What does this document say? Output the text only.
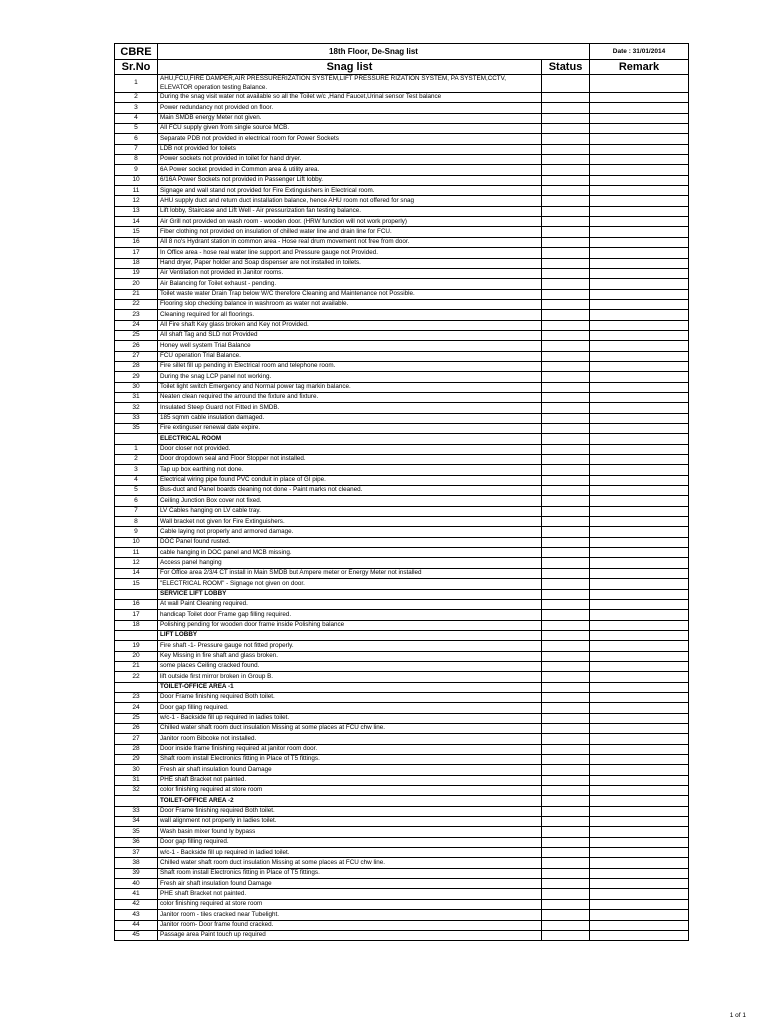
CBRE	18th Floor, De-Snag list		Date : 31/01/2014
Sr.No	Snag list	Status	Remark
1	AHU,FCU,FIRE DAMPER,AIR PRESSURERIZATION SYSTEM,LIFT PRESSURE RIZATION SYSTEM, PA SYSTEM,CCTV, ELEVATOR operation testing Balance.		
2	During the snag visit water not available so all the Toilet w/c ,Hand Faucet,Urinal sensor Test balance		
3	Power redundancy not provided on floor.		
4	Main SMDB energy Meter not given.		
5	All FCU supply given from single source MCB.		
6	Separate PDB not provided in electrical room for Power Sockets		
7	LDB not provided for toilets		
8	Power sockets not provided in toilet for hand dryer.		
9	6A Power socket provided in Common area & utility area.		
10	6/16A Power Sockets not provided in Passenger Lift lobby.		
11	Signage and wall stand not provided for Fire Extinguishers in Electrical room.		
12	AHU supply duct and return duct installation balance, hence AHU room not offered for snag		
13	Lift lobby, Staircase and Lift Well - Air pressurization fan testing balance.		
14	Air Grill not provided on wash room - wooden door. (HRW function will not work properly)		
15	Fiber clothing not provided on insulation of chilled water line and drain line for FCU.		
16	All 8 no's Hydrant station in common area - Hose real drum movement not free from door.		
17	In Office area - hose real water line support and Pressure gauge not Provided.		
18	Hand dryer, Paper holder and Soap dispenser are not installed in toilets.		
19	Air Ventilation not provided in Janitor rooms.		
20	Air Balancing for Toilet exhaust - pending.		
21	Toilet waste water Drain Trap below W/C therefore Cleaning and Maintenance not Possible.		
22	Flooring slop checking balance in washroom as water not available.		
23	Cleaning required for all floorings.		
24	All Fire shaft Key glass broken and Key not Provided.		
25	All shaft Tag and SLD not Provided		
26	Honey well system Trial Balance		
27	FCU operation Trial Balance.		
28	Fire sillet fill up pending in Electrical room and telephone room.		
29	During the snag LCP panel not working.		
30	Toilet light switch Emergency and Normal power tag markin balance.		
31	Neaten clean required the arround the fixture and fixture.		
32	Insulated Steep Guard not Fitted in SMDB.		
33	185 sqmm cable insulation damaged.		
35	Fire extinguser renewal date expire.		
	ELECTRICAL ROOM		
1	Door closer not provided.		
2	Door dropdown seal and Floor Stopper not installed.		
3	Tap up box earthing not done.		
4	Electrical wiring pipe found PVC conduit in place of GI pipe.		
5	Bus-duct and Panel boards cleaning not done - Paint marks not cleaned.		
6	Ceiling Junction Box cover not fixed.		
7	LV Cables hanging on LV cable tray.		
8	Wall bracket not given for Fire Extinguishers.		
9	Cable laying not properly and armored damage.		
10	DOC Panel found rusted.		
11	cable hanging in DOC panel and MCB missing.		
12	Access panel hanging		
14	For Office area 2/3/4 CT install in Main SMDB but Ampere meter or Energy Meter not installed		
15	"ELECTRICAL ROOM" - Signage not given on door.		
	SERVICE LIFT LOBBY		
16	At wall Paint Cleaning required.		
17	handicap Toilet door Frame gap filling required.		
18	Polishing pending for wooden door frame inside Polishing balance		
	LIFT LOBBY		
19	Fire shaft -1- Pressure gauge not fitted properly.		
20	Key Missing in fire shaft and glass broken.		
21	some places Ceiling cracked found.		
22	lift outside first mirror broken in Group B.		
	TOILET-OFFICE AREA -1		
23	Door Frame finishing required Both toilet.		
24	Door gap filling required.		
25	w/c-1 - Backside fill up required in ladies toilet.		
26	Chilled water shaft room duct insulation Missing at some places at FCU chw line.		
27	Janitor room Bibcoke not installed.		
28	Door inside frame finishing required at janitor room door.		
29	Shaft room install Electronics fitting in Place of T5 fittings.		
30	Fresh air shaft insulation found Damage		
31	PHE shaft Bracket not painted.		
32	color finishing required at store room		
	TOILET-OFFICE AREA -2		
33	Door Frame finishing required Both toilet.		
34	wall alignment not properly in ladies toilet.		
35	Wash basin mixer found ly bypass		
36	Door gap filling required.		
37	w/c-1 - Backside fill up required in ladied toilet.		
38	Chilled water shaft room duct insulation Missing at some places at FCU chw line.		
39	Shaft room install Electronics fitting in Place of T5 fittings.		
40	Fresh air shaft insulation found Damage		
41	PHE shaft Bracket not painted.		
42	color finishing required at store room		
43	Janitor room - tiles cracked near Tubelight.		
44	Janitor room- Door frame found cracked.		
45	Passage area Paint touch up required		
1 of 1
